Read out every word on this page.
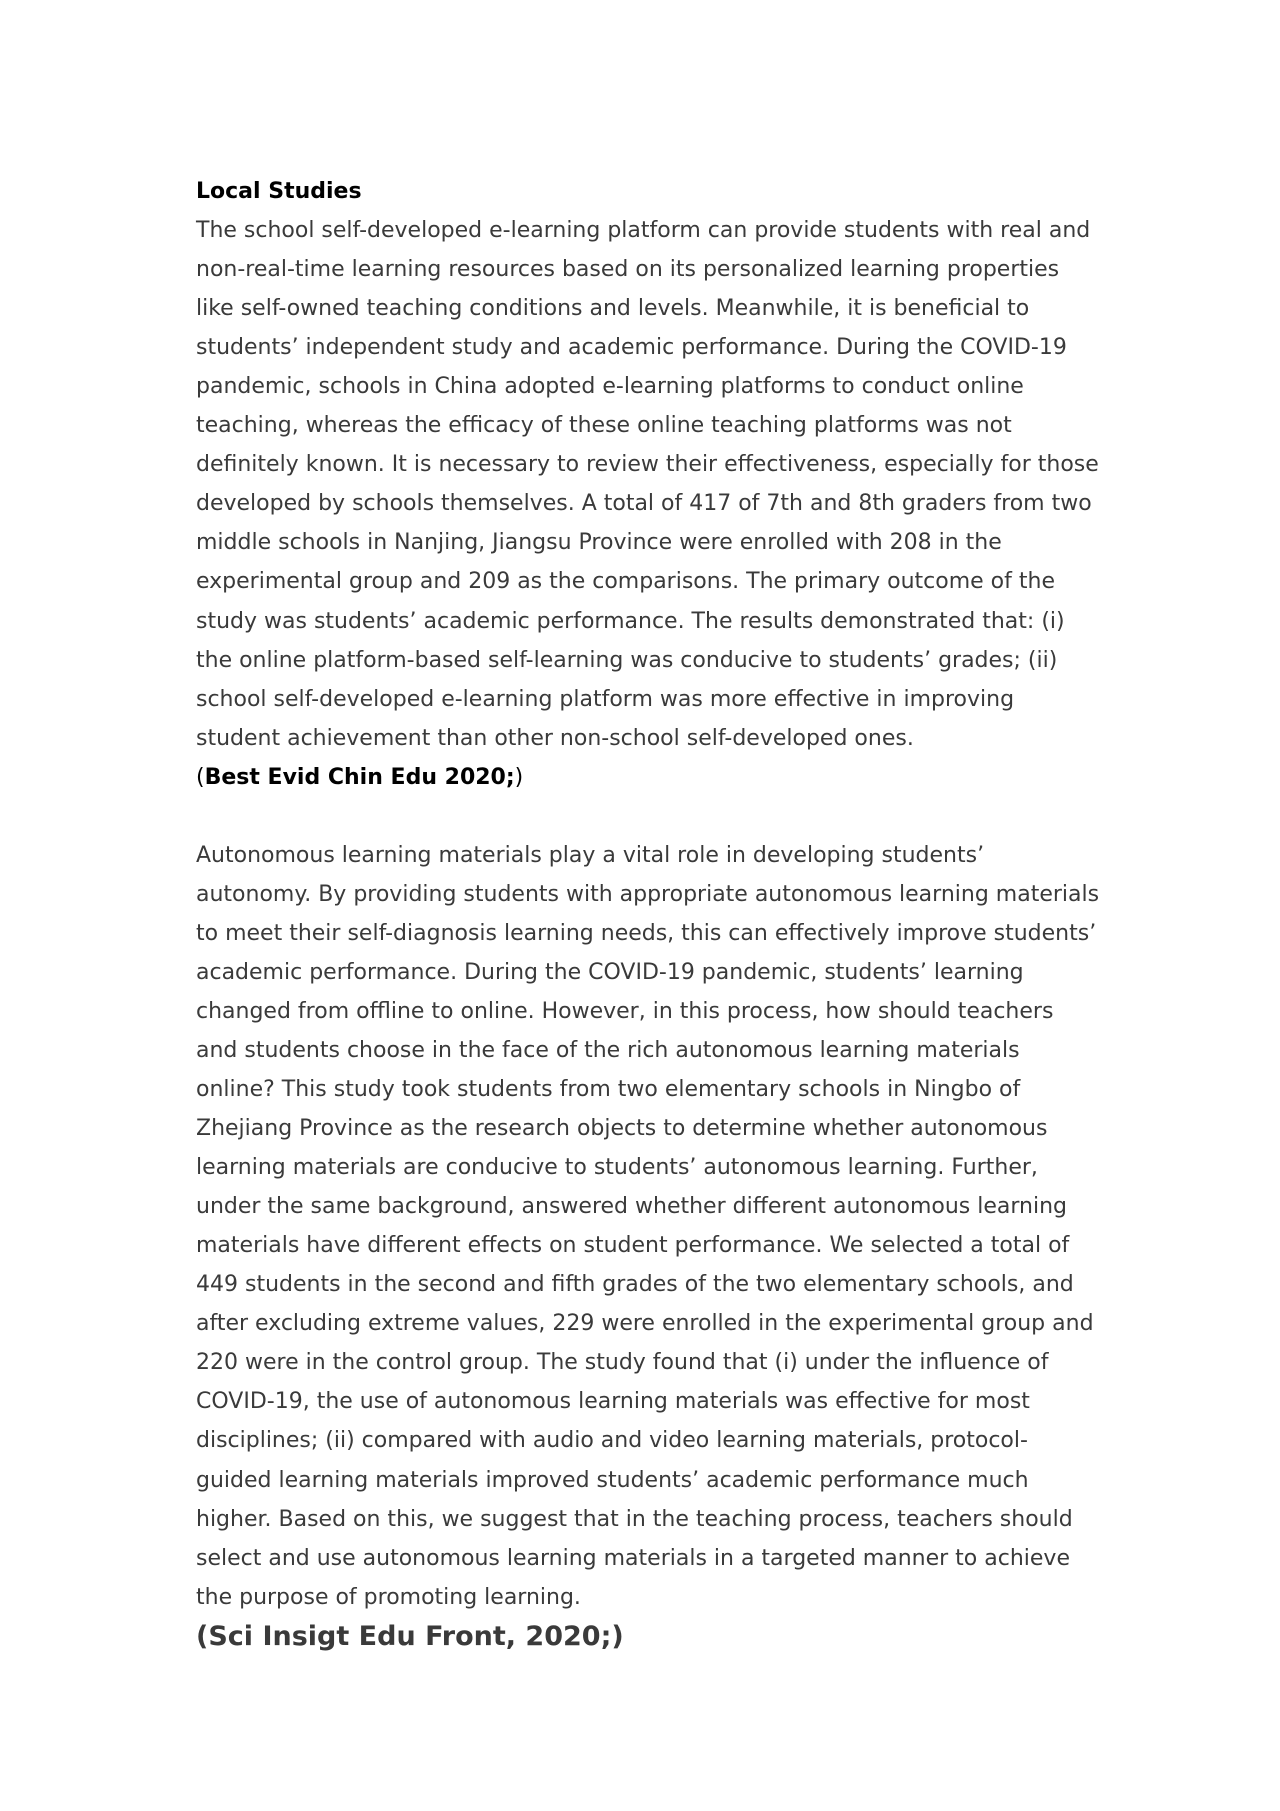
Local Studies

The school self-developed e-learning platform can provide students with real and non-real-time learning resources based on its personalized learning properties like self-owned teaching conditions and levels. Meanwhile, it is beneficial to students’ independent study and academic performance. During the COVID-19 pandemic, schools in China adopted e-learning platforms to conduct online teaching, whereas the efficacy of these online teaching platforms was not definitely known. It is necessary to review their effectiveness, especially for those developed by schools themselves. A total of 417 of 7th and 8th graders from two middle schools in Nanjing, Jiangsu Province were enrolled with 208 in the experimental group and 209 as the comparisons. The primary outcome of the study was students’ academic performance. The results demonstrated that: (i) the online platform-based self-learning was conducive to students’ grades; (ii) school self-developed e-learning platform was more effective in improving student achievement than other non-school self-developed ones.

(Best Evid Chin Edu 2020;)

Autonomous learning materials play a vital role in developing students’ autonomy. By providing students with appropriate autonomous learning materials to meet their self-diagnosis learning needs, this can effectively improve students’ academic performance. During the COVID-19 pandemic, students’ learning changed from offline to online. However, in this process, how should teachers and students choose in the face of the rich autonomous learning materials online? This study took students from two elementary schools in Ningbo of Zhejiang Province as the research objects to determine whether autonomous learning materials are conducive to students’ autonomous learning. Further, under the same background, answered whether different autonomous learning materials have different effects on student performance. We selected a total of 449 students in the second and fifth grades of the two elementary schools, and after excluding extreme values, 229 were enrolled in the experimental group and 220 were in the control group. The study found that (i) under the influence of COVID-19, the use of autonomous learning materials was effective for most disciplines; (ii) compared with audio and video learning materials, protocol-guided learning materials improved students’ academic performance much higher. Based on this, we suggest that in the teaching process, teachers should select and use autonomous learning materials in a targeted manner to achieve the purpose of promoting learning.

(Sci Insigt Edu Front, 2020;)
